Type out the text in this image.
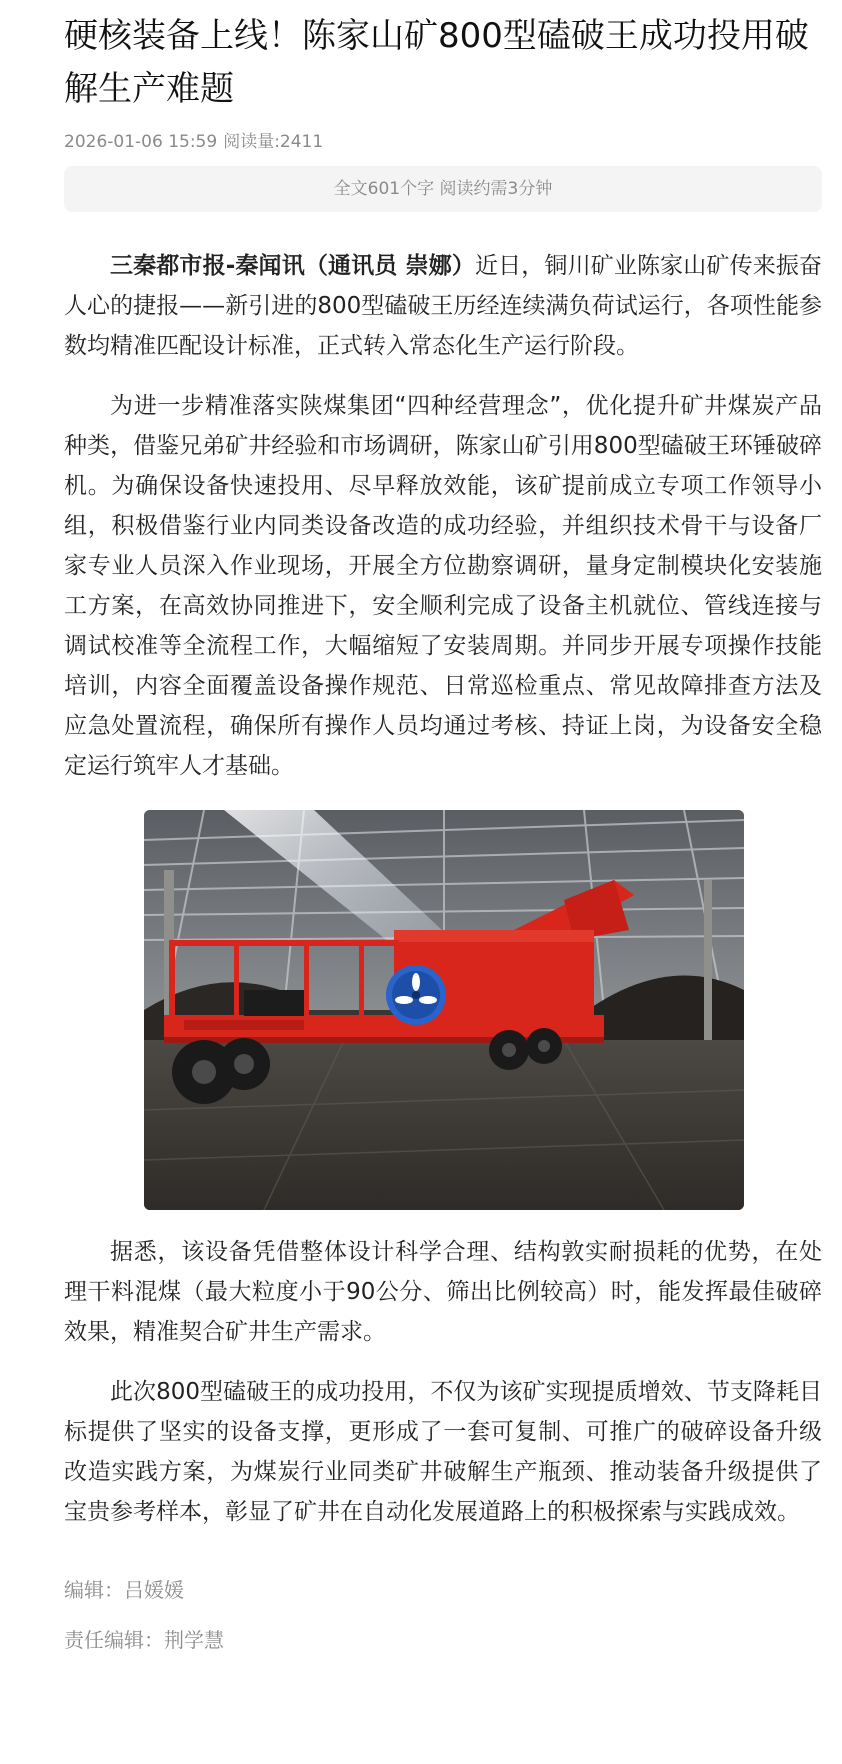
硬核装备上线！陈家山矿800型磕破王成功投用破解生产难题
2026-01-06 15:59 阅读量:2411
全文601个字 阅读约需3分钟

三秦都市报-秦闻讯（通讯员 崇娜）近日，铜川矿业陈家山矿传来振奋人心的捷报——新引进的800型磕破王历经连续满负荷试运行，各项性能参数均精准匹配设计标准，正式转入常态化生产运行阶段。

为进一步精准落实陕煤集团“四种经营理念”，优化提升矿井煤炭产品种类，借鉴兄弟矿井经验和市场调研，陈家山矿引用800型磕破王环锤破碎机。为确保设备快速投用、尽早释放效能，该矿提前成立专项工作领导小组，积极借鉴行业内同类设备改造的成功经验，并组织技术骨干与设备厂家专业人员深入作业现场，开展全方位勘察调研，量身定制模块化安装施工方案，在高效协同推进下，安全顺利完成了设备主机就位、管线连接与调试校准等全流程工作，大幅缩短了安装周期。并同步开展专项操作技能培训，内容全面覆盖设备操作规范、日常巡检重点、常见故障排查方法及应急处置流程，确保所有操作人员均通过考核、持证上岗，为设备安全稳定运行筑牢人才基础。

据悉，该设备凭借整体设计科学合理、结构敦实耐损耗的优势，在处理干料混煤（最大粒度小于90公分、筛出比例较高）时，能发挥最佳破碎效果，精准契合矿井生产需求。

此次800型磕破王的成功投用，不仅为该矿实现提质增效、节支降耗目标提供了坚实的设备支撑，更形成了一套可复制、可推广的破碎设备升级改造实践方案，为煤炭行业同类矿井破解生产瓶颈、推动装备升级提供了宝贵参考样本，彰显了矿井在自动化发展道路上的积极探索与实践成效。

编辑：吕媛媛
责任编辑：荆学慧
